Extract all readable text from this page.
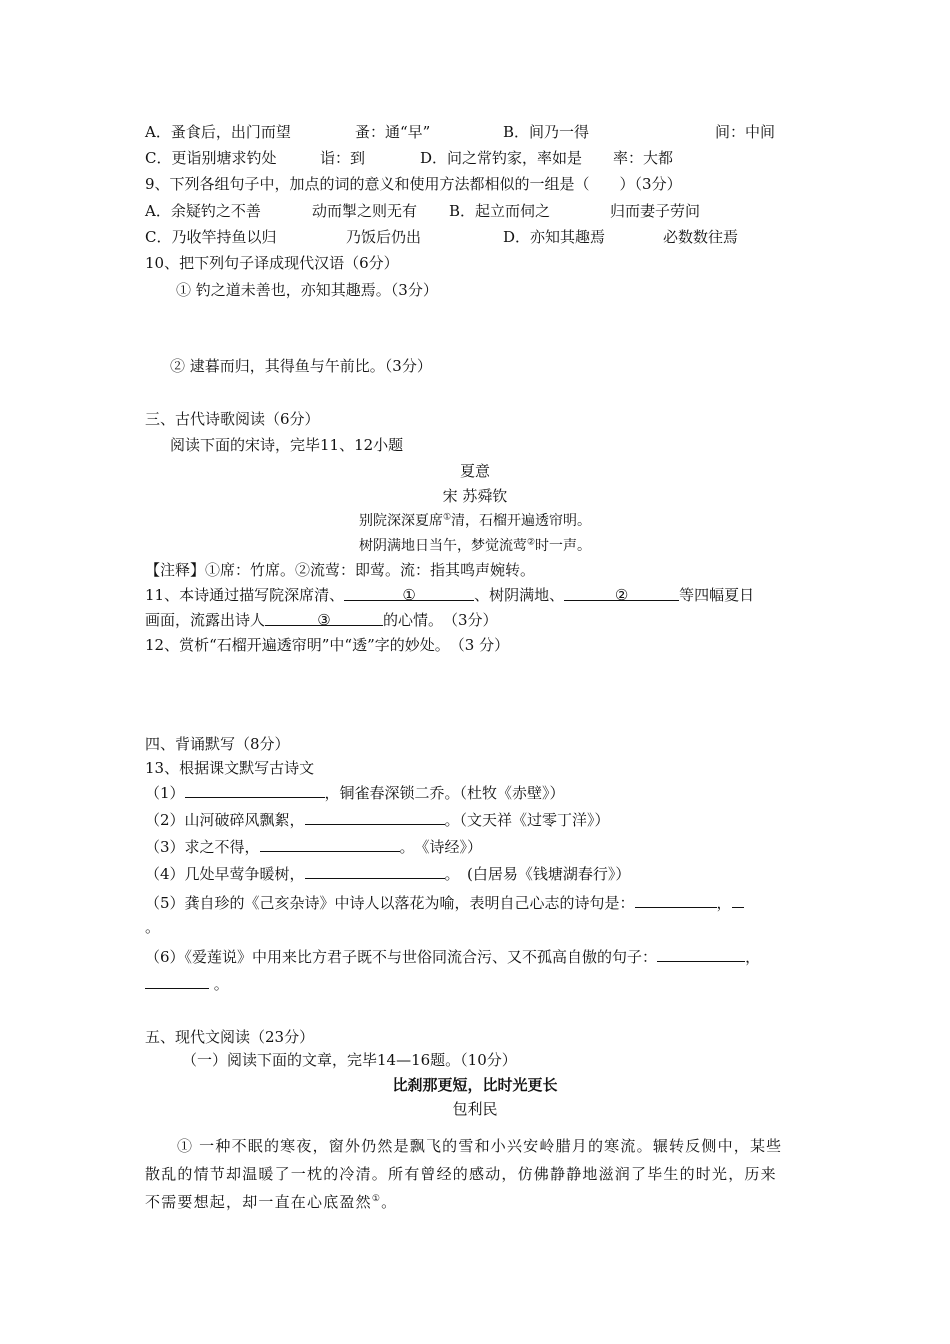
A．蚤食后，出门而望	蚤：通“早”	B．间乃一得	间：中间
C．更诣别塘求钓处	诣：到	D．问之常钓家，率如是 率：大都
9、下列各组句子中，加点的词的意义和使用方法都相似的一组是（　　）（3分）
A．余疑钓之不善	动而掣之则无有 B．起立而伺之	归而妻子劳问
C．乃收竿持鱼以归	乃饭后仍出	D．亦知其趣焉	必数数往焉
10、把下列句子译成现代汉语（6分）
① 钓之道未善也，亦知其趣焉。（3分）
② 逮暮而归，其得鱼与午前比。（3分）
三、古代诗歌阅读（6分）
阅读下面的宋诗，完毕11、12小题
夏意
宋 苏舜钦
别院深深夏席①清，石榴开遍透帘明。
树阴满地日当午，梦觉流莺②时一声。
【注释】①席：竹席。②流莺：即莺。流：指其鸣声婉转。
11、本诗通过描写院深席清、	①	、树阴满地、	②	等四幅夏日
画面，流露出诗人	③	的心情。　（3分）
12、赏析“石榴开遍透帘明”中“透”字的妙处。　（3 分）
四、背诵默写（8分）
13、根据课文默写古诗文
（1）	，铜雀春深锁二乔。（杜牧《赤壁》）
（2）山河破碎风飘絮，	。（文天祥《过零丁洋》）
（3）求之不得，	。　《诗经》）
（4）几处早莺争暖树，	。　(白居易《钱塘湖春行》）
（5）龚自珍的《己亥杂诗》中诗人以落花为喻，表明自己心志的诗句是：	，
。
（6）《爱莲说》中用来比方君子既不与世俗同流合污、又不孤高自傲的句子：	，
。
五、现代文阅读（23分）
（一）阅读下面的文章，完毕14—16题。（10分）
比刹那更短，比时光更长
包利民
① 一种不眠的寒夜，窗外仍然是飘飞的雪和小兴安岭腊月的寒流。辗转反侧中，某些
散乱的情节却温暖了一枕的冷清。所有曾经的感动，仿佛静静地滋润了毕生的时光，历来
不需要想起，却一直在心底盈然①。
